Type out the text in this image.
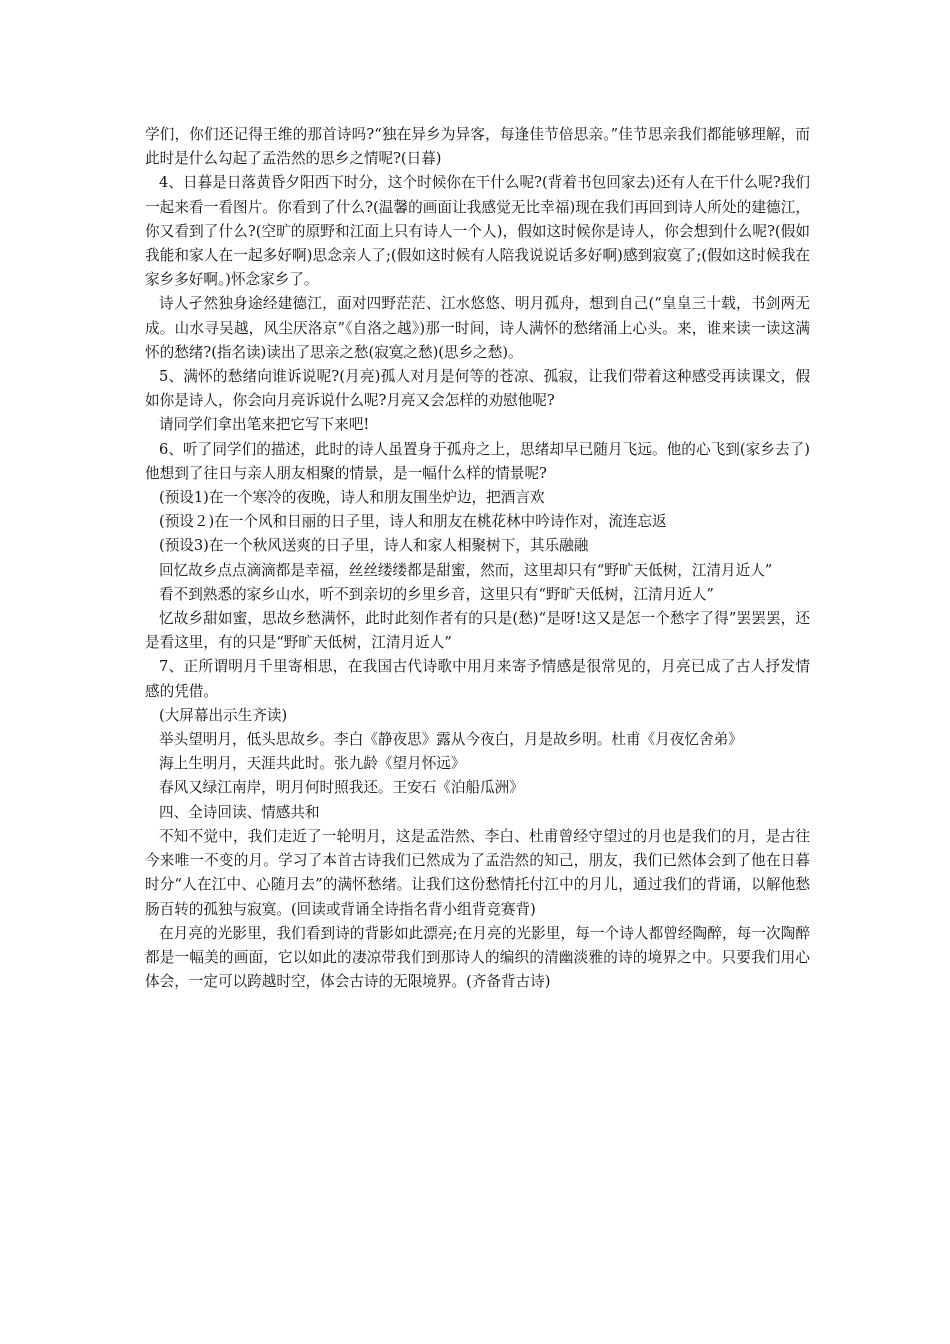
学们，你们还记得王维的那首诗吗?“独在异乡为异客，每逢佳节倍思亲。”佳节思亲我们都能够理解，而此时是什么勾起了孟浩然的思乡之情呢?(日暮)

4、日暮是日落黄昏夕阳西下时分，这个时候你在干什么呢?(背着书包回家去)还有人在干什么呢?我们一起来看一看图片。你看到了什么?(温馨的画面让我感觉无比幸福)现在我们再回到诗人所处的建德江，你又看到了什么?(空旷的原野和江面上只有诗人一个人)，假如这时候你是诗人，你会想到什么呢?(假如我能和家人在一起多好啊)思念亲人了;(假如这时候有人陪我说说话多好啊)感到寂寞了;(假如这时候我在家乡多好啊。)怀念家乡了。

诗人孑然独身途经建德江，面对四野茫茫、江水悠悠、明月孤舟，想到自己(“皇皇三十载，书剑两无成。山水寻吴越，风尘厌洛京”《自洛之越》)那一时间，诗人满怀的愁绪涌上心头。来，谁来读一读这满怀的愁绪?(指名读)读出了思亲之愁(寂寞之愁)(思乡之愁)。

5、满怀的愁绪向谁诉说呢?(月亮)孤人对月是何等的苍凉、孤寂，让我们带着这种感受再读课文，假如你是诗人，你会向月亮诉说什么呢?月亮又会怎样的劝慰他呢?

请同学们拿出笔来把它写下来吧!

6、听了同学们的描述，此时的诗人虽置身于孤舟之上，思绪却早已随月飞远。他的心飞到(家乡去了)他想到了往日与亲人朋友相聚的情景，是一幅什么样的情景呢?

(预设1)在一个寒冷的夜晚，诗人和朋友围坐炉边，把酒言欢

(预设２)在一个风和日丽的日子里，诗人和朋友在桃花林中吟诗作对，流连忘返

(预设3)在一个秋风送爽的日子里，诗人和家人相聚树下，其乐融融

回忆故乡点点滴滴都是幸福，丝丝缕缕都是甜蜜，然而，这里却只有“野旷天低树，江清月近人”

看不到熟悉的家乡山水，听不到亲切的乡里乡音，这里只有“野旷天低树，江清月近人”

忆故乡甜如蜜，思故乡愁满怀，此时此刻作者有的只是(愁)“是呀!这又是怎一个愁字了得”罢罢罢，还是看这里，有的只是“野旷天低树，江清月近人”

7、正所谓明月千里寄相思，在我国古代诗歌中用月来寄予情感是很常见的，月亮已成了古人抒发情感的凭借。

(大屏幕出示生齐读)

举头望明月，低头思故乡。李白《静夜思》露从今夜白，月是故乡明。杜甫《月夜忆舍弟》

海上生明月，天涯共此时。张九龄《望月怀远》

春风又绿江南岸，明月何时照我还。王安石《泊船瓜洲》

四、全诗回读、情感共和

不知不觉中，我们走近了一轮明月，这是孟浩然、李白、杜甫曾经守望过的月也是我们的月，是古往今来唯一不变的月。学习了本首古诗我们已然成为了孟浩然的知己，朋友，我们已然体会到了他在日暮时分“人在江中、心随月去”的满怀愁绪。让我们这份愁情托付江中的月儿，通过我们的背诵，以解他愁肠百转的孤独与寂寞。(回读或背诵全诗指名背小组背竞赛背)

在月亮的光影里，我们看到诗的背影如此漂亮;在月亮的光影里，每一个诗人都曾经陶醉，每一次陶醉都是一幅美的画面，它以如此的凄凉带我们到那诗人的编织的清幽淡雅的诗的境界之中。只要我们用心体会，一定可以跨越时空，体会古诗的无限境界。(齐备背古诗)
